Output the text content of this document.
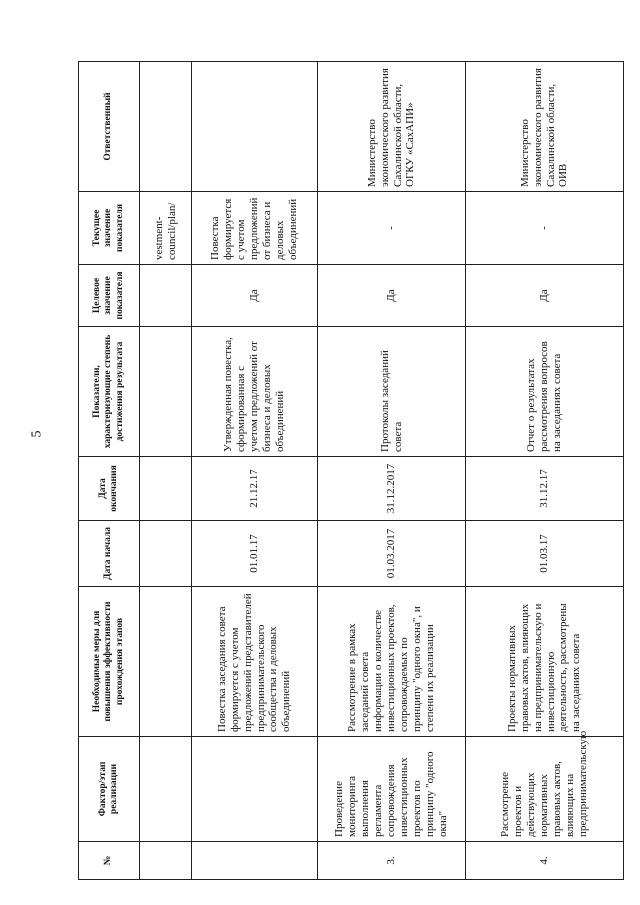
5
№	Фактор/этап реализации	Необходимые меры для повышения эффективности прохождения этапов	Дата начала	Дата окончания	Показатели, характеризующие степень достижения результата	Целевое значение показателя	Текущее значение показателя	Ответственный
							vestment-council/plan/	
		Повестка заседания совета формируется с учетом предложений представителей предпринимательского сообщества и деловых объединений	01.01.17	21.12.17	Утвержденная повестка, сформированная с учетом предложений от бизнеса и деловых объединений	Да	Повестка формируется с учетом предложений от бизнеса и деловых объединений	
3.	Проведение мониторинга выполнения регламента сопровождения инвестиционных проектов по принципу "одного окна"	Рассмотрение в рамках заседаний совета информации о количестве инвестиционных проектов, сопровождаемых по принципу "одного окна", и степени их реализации	01.03.2017	31.12.2017	Протоколы заседаний совета	Да	-	Министерство экономического развития Сахалинской области, ОГКУ «СахАПИ»
4.	Рассмотрение проектов и действующих нормативных правовых актов, влияющих на предпринимательскую	Проекты нормативных правовых актов, влияющих на предпринимательскую и инвестиционную деятельность, рассмотрены на заседаниях совета	01.03.17	31.12.17	Отчет о результатах рассмотрения вопросов на заседаниях совета	Да	-	Министерство экономического развития Сахалинской области, ОИВ
